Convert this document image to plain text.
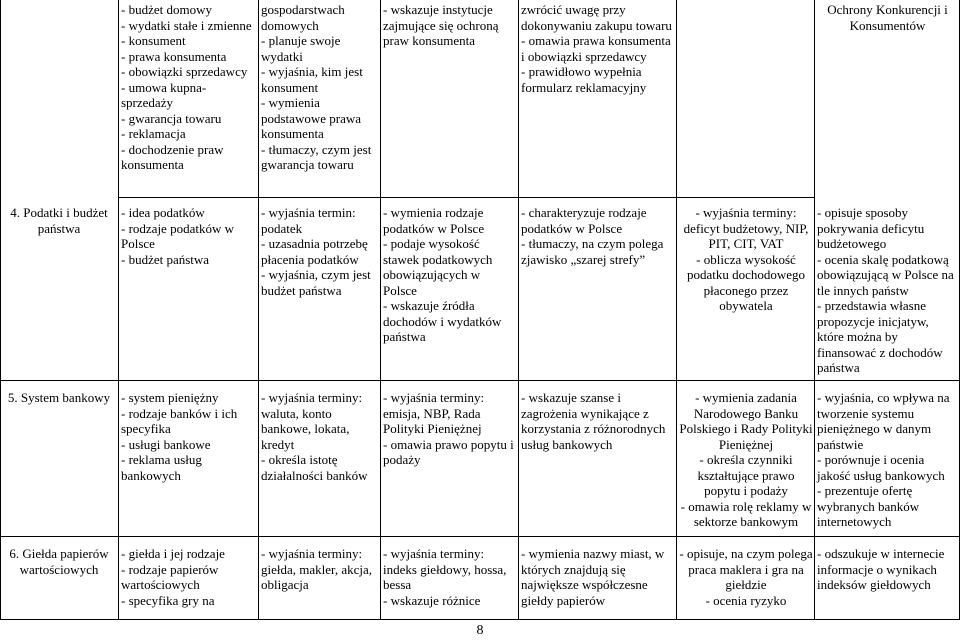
- budżet domowy
- wydatki stałe i zmienne
- konsument
- prawa konsumenta
- obowiązki sprzedawcy
- umowa kupna-sprzedaży
- gwarancja towaru
- reklamacja
- dochodzenie praw konsumenta
gospodarstwach domowych
- planuje swoje wydatki
- wyjaśnia, kim jest konsument
- wymienia podstawowe prawa konsumenta
- tłumaczy, czym jest gwarancja towaru
- wskazuje instytucje zajmujące się ochroną praw konsumenta
zwrócić uwagę przy dokonywaniu zakupu towaru
- omawia prawa konsumenta i obowiązki sprzedawcy
- prawidłowo wypełnia formularz reklamacyjny
Ochrony Konkurencji i Konsumentów
4. Podatki i budżet państwa
- idea podatków
- rodzaje podatków w Polsce
- budżet państwa
- wyjaśnia termin: podatek
- uzasadnia potrzebę płacenia podatków
- wyjaśnia, czym jest budżet państwa
- wymienia rodzaje podatków w Polsce
- podaje wysokość stawek podatkowych obowiązujących w Polsce
- wskazuje źródła dochodów i wydatków państwa
- charakteryzuje rodzaje podatków w Polsce
- tłumaczy, na czym polega zjawisko „szarej strefy”
- wyjaśnia terminy: deficyt budżetowy, NIP, PIT, CIT, VAT
- oblicza wysokość podatku dochodowego płaconego przez obywatela
- opisuje sposoby pokrywania deficytu budżetowego
- ocenia skalę podatkową obowiązującą w Polsce na tle innych państw
- przedstawia własne propozycje inicjatyw, które można by finansować z dochodów państwa
5. System bankowy - system pieniężny
- rodzaje banków i ich specyfika
- usługi bankowe
- reklama usług bankowych
- wyjaśnia terminy: waluta, konto bankowe, lokata, kredyt
- określa istotę działalności banków
- wyjaśnia terminy: emisja, NBP, Rada Polityki Pieniężnej
- omawia prawo popytu i podaży
- wskazuje szanse i zagrożenia wynikające z korzystania z różnorodnych usług bankowych
- wymienia zadania Narodowego Banku Polskiego i Rady Polityki Pieniężnej
- określa czynniki kształtujące prawo popytu i podaży
- omawia rolę reklamy w sektorze bankowym
- wyjaśnia, co wpływa na tworzenie systemu pieniężnego w danym państwie
- porównuje i ocenia jakość usług bankowych
- prezentuje ofertę wybranych banków internetowych
6. Giełda papierów wartościowych
- giełda i jej rodzaje
- rodzaje papierów wartościowych
- specyfika gry na
- wyjaśnia terminy: giełda, makler, akcja, obligacja
- wyjaśnia terminy: indeks giełdowy, hossa, bessa
- wskazuje różnice
- wymienia nazwy miast, w których znajdują się największe współczesne giełdy papierów
- opisuje, na czym polega praca maklera i gra na giełdzie
- ocenia ryzyko
- odszukuje w internecie informacje o wynikach indeksów giełdowych
8
